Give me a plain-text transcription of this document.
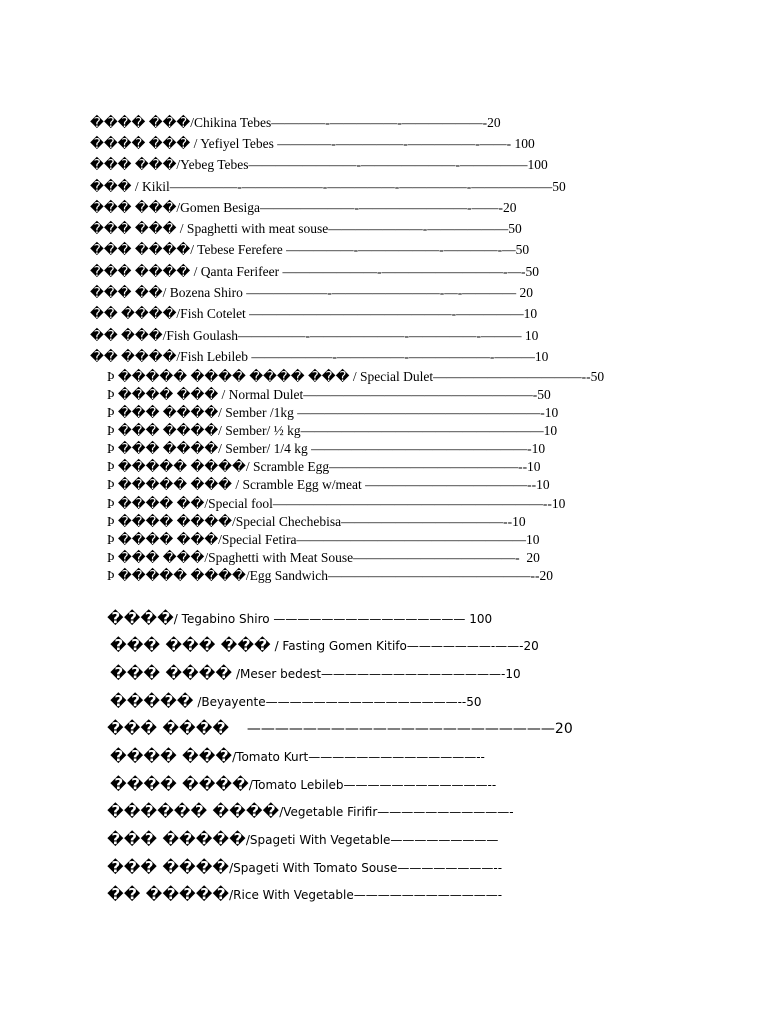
���� ���/Chikina Tebes————-—————-——————-20
���� ��� / Yefiyel Tebes ————-—————-—————-——- 100
��� ���/Yebeg Tebes————————-———————-—————100
��� / Kikil—————-——————-—————-—————-——————50
��� ���/Gomen Besiga———————-————————-——-20
��� ��� / Spaghetti with meat souse———————-——————50
��� ����/ Tebese Ferefere —————-——————-————-—50
��� ���� / Qanta Ferifeer ———————-—————————-—-50
��� ��/ Bozena Shiro ——————-————————-—-———— 20
�� ����/Fish Cotelet ———————————————-—————10
�� ���/Fish Goulash—————-———————-—————-——— 10
�� ����/Fish Lebileb ——————-—————-——————-———10
Þ ����� ���� ���� ��� / Special Dulet———————————--50
Þ ���� ��� / Normal Dulet—————————————————-50
Þ ��� ����/ Sember /1kg ——————————————————-10
Þ ��� ����/ Sember/ ½ kg——————————————————10
Þ ��� ����/ Sember/ 1/4 kg ————————————————-10
Þ ����� ����/ Scramble Egg——————————————--10
Þ ����� ��� / Scramble Egg w/meat ————————————--10
Þ ���� ��/Special fool————————————————————--10
Þ ���� ����/Special Chechebisa————————————--10
Þ ���� ���/Special Fetira—————————————————10
Þ ��� ���/Spaghetti with Meat Souse————————————-  20
Þ ����� ����/Egg Sandwich———————————————--20
����/ Tegabino Shiro ———————————————— 100
��� ��� ��� / Fasting Gomen Kitifo———————-——-20
��� ���� /Meser bedest———————————————-10
����� /Beyayente————————————————--50
��� ����    ——————————————————————20
���� ���/Tomato Kurt——————————————--
���� ����/Tomato Lebileb————————————--
������ ����/Vegetable Firifir———————————-
��� �����/Spageti With Vegetable—————————
��� ����/Spageti With Tomato Souse————————--
�� �����/Rice With Vegetable————————————-
